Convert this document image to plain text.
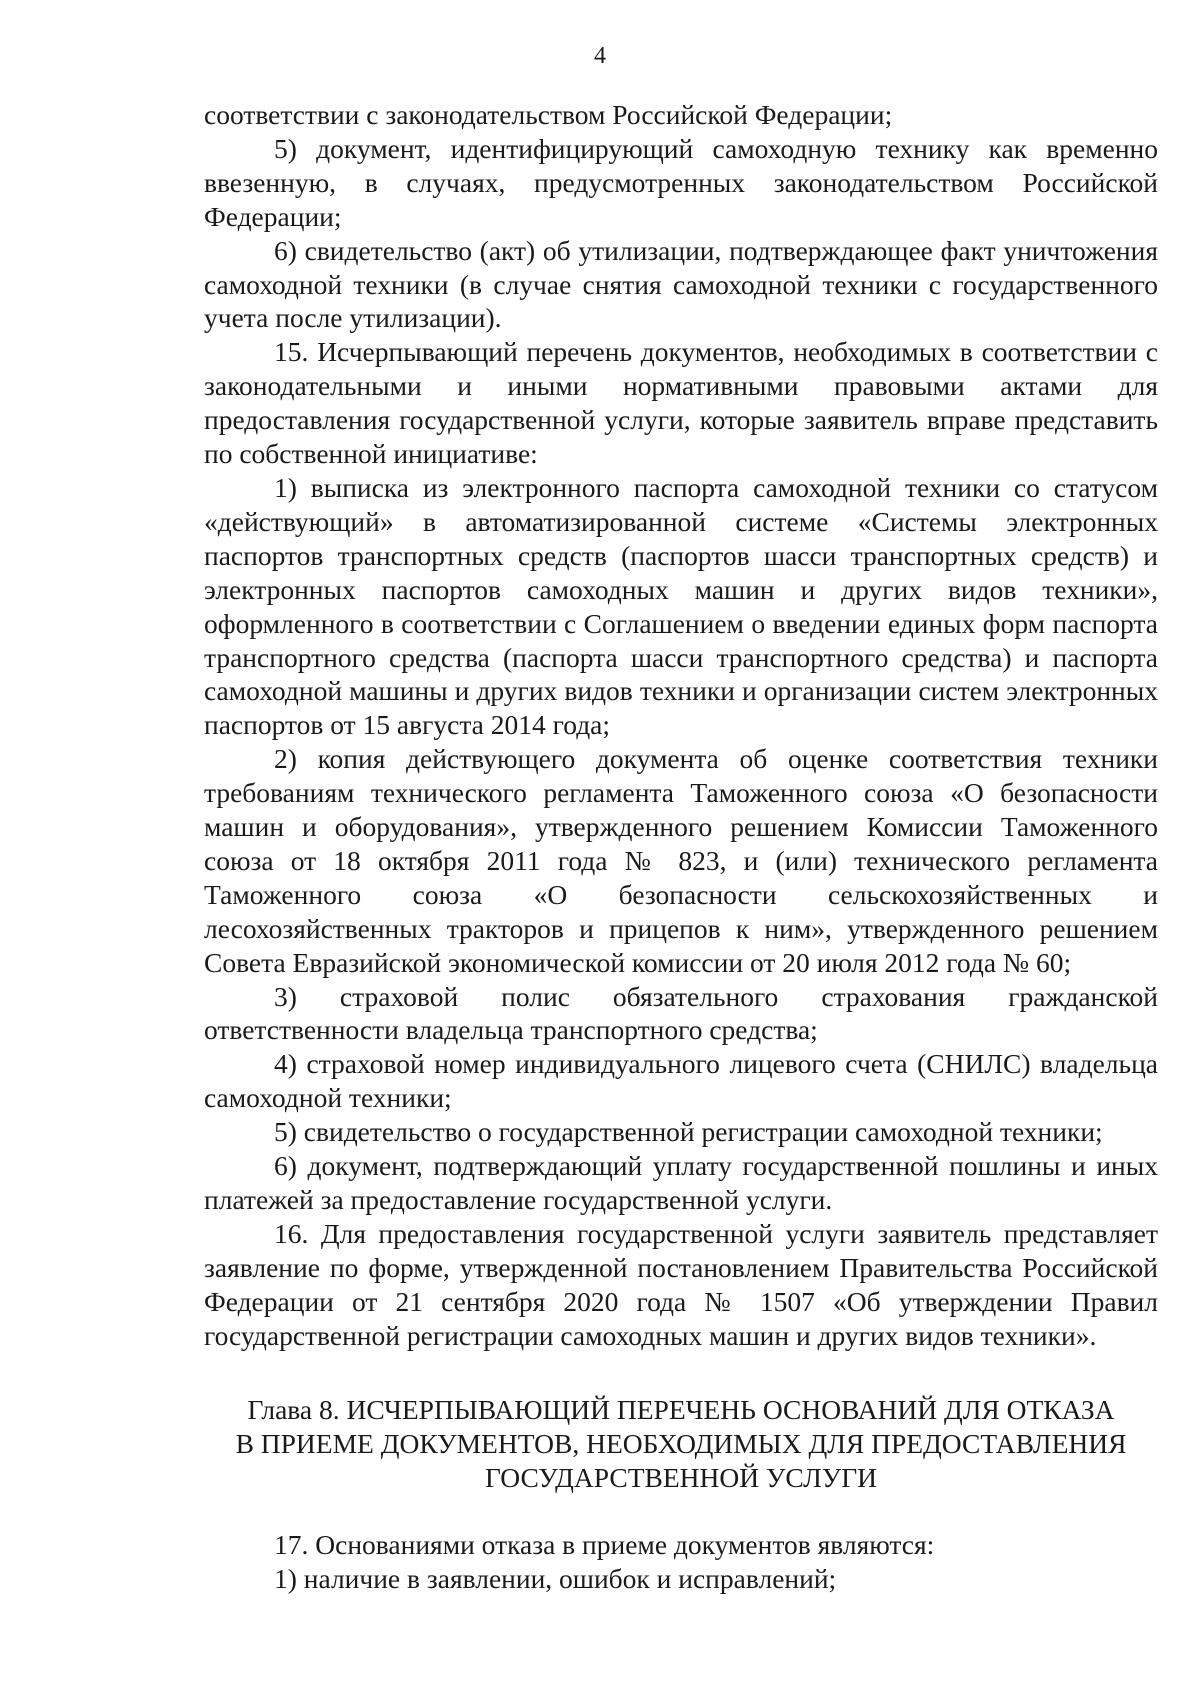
4

соответствии с законодательством Российской Федерации;

5) документ, идентифицирующий самоходную технику как временно ввезенную, в случаях, предусмотренных законодательством Российской Федерации;

6) свидетельство (акт) об утилизации, подтверждающее факт уничтожения самоходной техники (в случае снятия самоходной техники с государственного учета после утилизации).

15. Исчерпывающий перечень документов, необходимых в соответствии с законодательными и иными нормативными правовыми актами для предоставления государственной услуги, которые заявитель вправе представить по собственной инициативе:

1) выписка из электронного паспорта самоходной техники со статусом «действующий» в автоматизированной системе «Системы электронных паспортов транспортных средств (паспортов шасси транспортных средств) и электронных паспортов самоходных машин и других видов техники», оформленного в соответствии с Соглашением о введении единых форм паспорта транспортного средства (паспорта шасси транспортного средства) и паспорта самоходной машины и других видов техники и организации систем электронных паспортов от 15 августа 2014 года;

2) копия действующего документа об оценке соответствия техники требованиям технического регламента Таможенного союза «О безопасности машин и оборудования», утвержденного решением Комиссии Таможенного союза от 18 октября 2011 года № 823, и (или) технического регламента Таможенного союза «О безопасности сельскохозяйственных и лесохозяйственных тракторов и прицепов к ним», утвержденного решением Совета Евразийской экономической комиссии от 20 июля 2012 года № 60;

3) страховой полис обязательного страхования гражданской ответственности владельца транспортного средства;

4) страховой номер индивидуального лицевого счета (СНИЛС) владельца самоходной техники;

5) свидетельство о государственной регистрации самоходной техники;

6) документ, подтверждающий уплату государственной пошлины и иных платежей за предоставление государственной услуги.

16. Для предоставления государственной услуги заявитель представляет заявление по форме, утвержденной постановлением Правительства Российской Федерации от 21 сентября 2020 года № 1507 «Об утверждении Правил государственной регистрации самоходных машин и других видов техники».

Глава 8. ИСЧЕРПЫВАЮЩИЙ ПЕРЕЧЕНЬ ОСНОВАНИЙ ДЛЯ ОТКАЗА
В ПРИЕМЕ ДОКУМЕНТОВ, НЕОБХОДИМЫХ ДЛЯ ПРЕДОСТАВЛЕНИЯ
ГОСУДАРСТВЕННОЙ УСЛУГИ

17. Основаниями отказа в приеме документов являются:

1) наличие в заявлении, ошибок и исправлений;
